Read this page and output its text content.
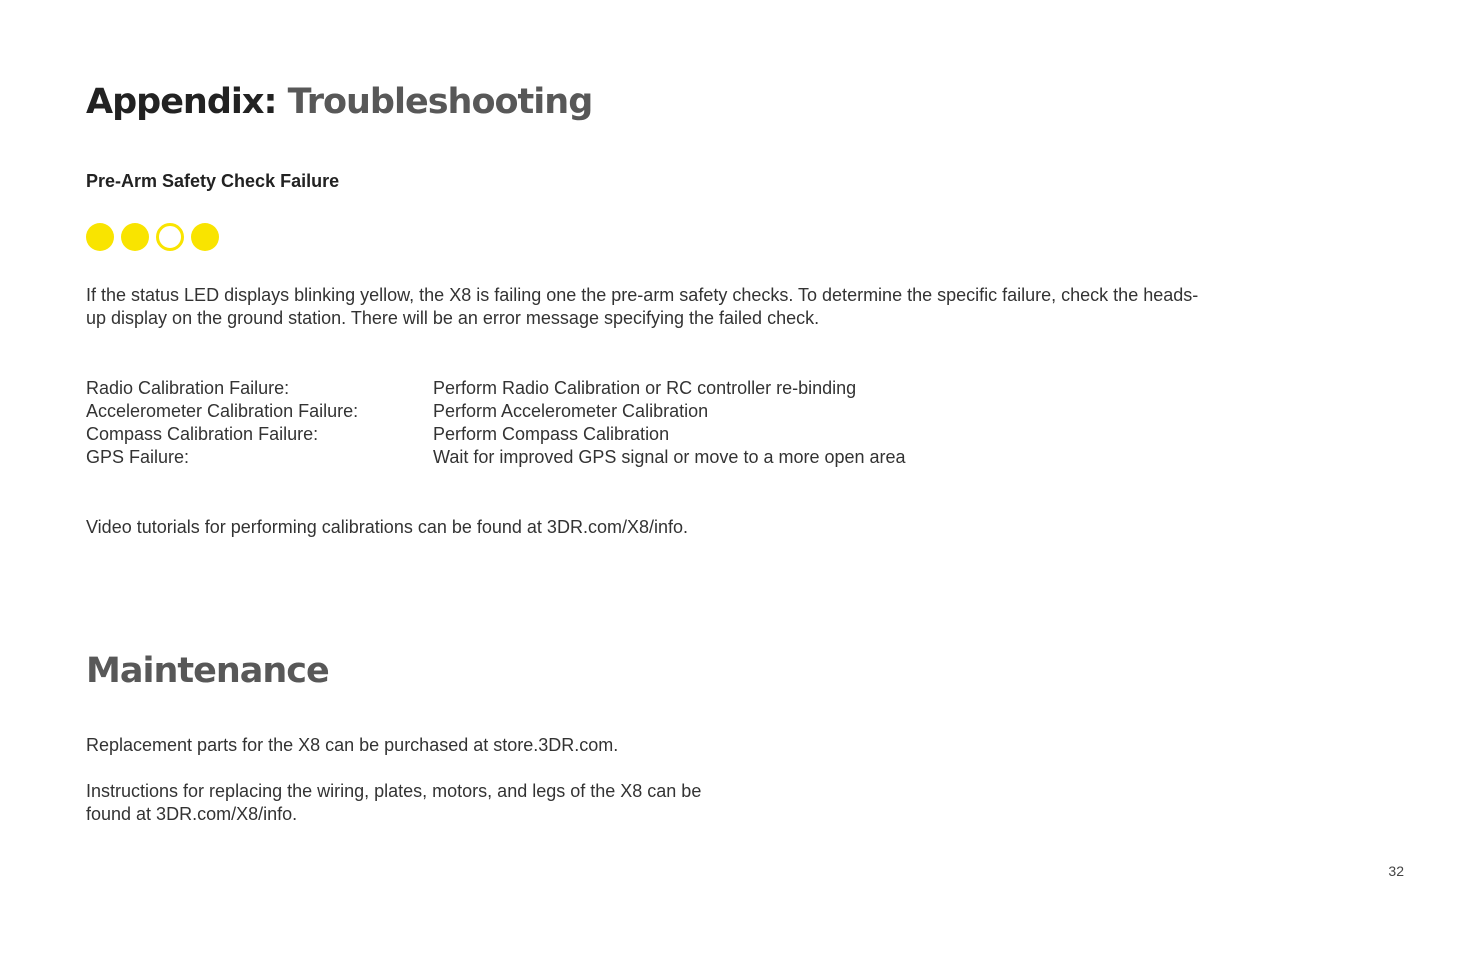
Appendix: Troubleshooting
Pre-Arm Safety Check Failure

If the status LED displays blinking yellow, the X8 is failing one the pre-arm safety checks. To determine the specific failure, check the heads-up display on the ground station. There will be an error message specifying the failed check.

Radio Calibration Failure:	Perform Radio Calibration or RC controller re-binding
Accelerometer Calibration Failure:	Perform Accelerometer Calibration
Compass Calibration Failure:	Perform Compass Calibration
GPS Failure:	Wait for improved GPS signal or move to a more open area

Video tutorials for performing calibrations can be found at 3DR.com/X8/info.

Maintenance

Replacement parts for the X8 can be purchased at store.3DR.com.

Instructions for replacing the wiring, plates, motors, and legs of the X8 can be found at 3DR.com/X8/info.

32
